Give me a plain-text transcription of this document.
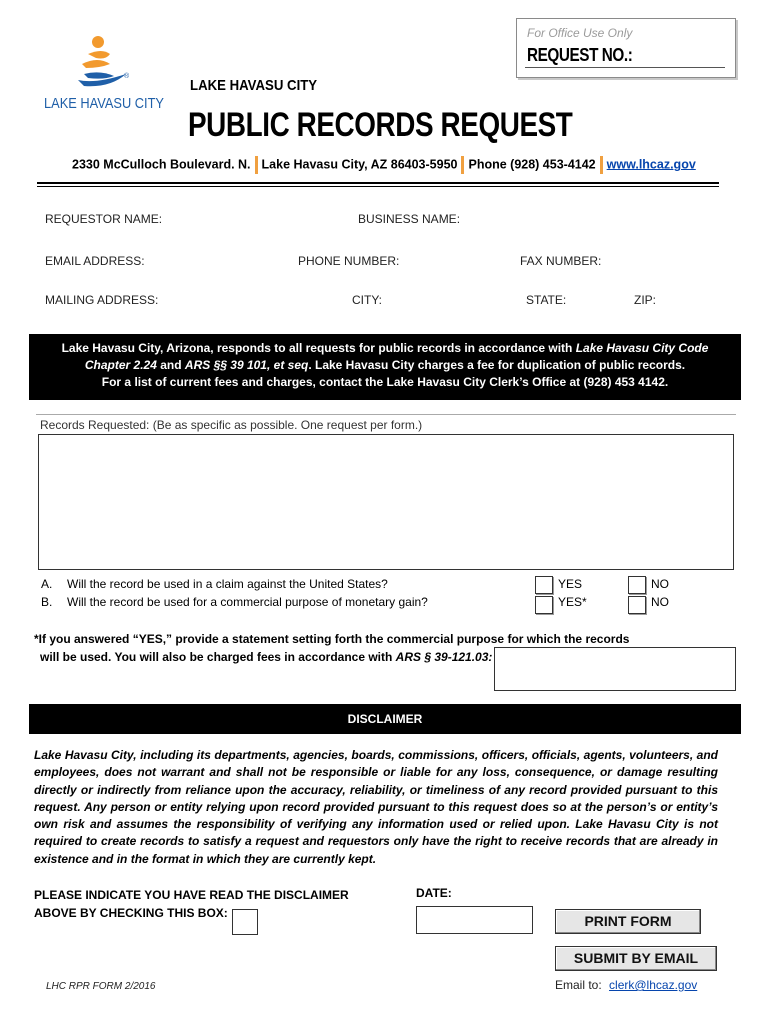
For Office Use Only
REQUEST NO.:
®
LAKE HAVASU CITY
LAKE HAVASU CITY
PUBLIC RECORDS REQUEST
2330 McCulloch Boulevard. N. Lake Havasu City, AZ 86403-5950 Phone (928) 453-4142 www.lhcaz.gov
REQUESTOR NAME:	BUSINESS NAME:
EMAIL ADDRESS:	PHONE NUMBER:	FAX NUMBER:
MAILING ADDRESS:	CITY:	STATE:	ZIP:
Lake Havasu City, Arizona, responds to all requests for public records in accordance with Lake Havasu City Code
Chapter 2.24 and ARS §§ 39 101, et seq. Lake Havasu City charges a fee for duplication of public records.
For a list of current fees and charges, contact the Lake Havasu City Clerk’s Office at (928) 453 4142.
Records Requested: (Be as specific as possible. One request per form.)
A. Will the record be used in a claim against the United States?	YES	NO
B. Will the record be used for a commercial purpose of monetary gain?	YES*	NO
*If you answered “YES,” provide a statement setting forth the commercial purpose for which the records
will be used. You will also be charged fees in accordance with ARS § 39-121.03:
DISCLAIMER
Lake Havasu City, including its departments, agencies, boards, commissions, officers, officials, agents, volunteers, and employees, does not warrant and shall not be responsible or liable for any loss, consequence, or damage resulting directly or indirectly from reliance upon the accuracy, reliability, or timeliness of any record provided pursuant to this request. Any person or entity relying upon record provided pursuant to this request does so at the person’s or entity’s own risk and assumes the responsibility of verifying any information used or relied upon. Lake Havasu City is not required to create records to satisfy a request and requestors only have the right to receive records that are already in existence and in the format in which they are currently kept.
PLEASE INDICATE YOU HAVE READ THE DISCLAIMER
ABOVE BY CHECKING THIS BOX:
DATE:
PRINT FORM
SUBMIT BY EMAIL
LHC RPR FORM 2/2016	Email to: clerk@lhcaz.gov
